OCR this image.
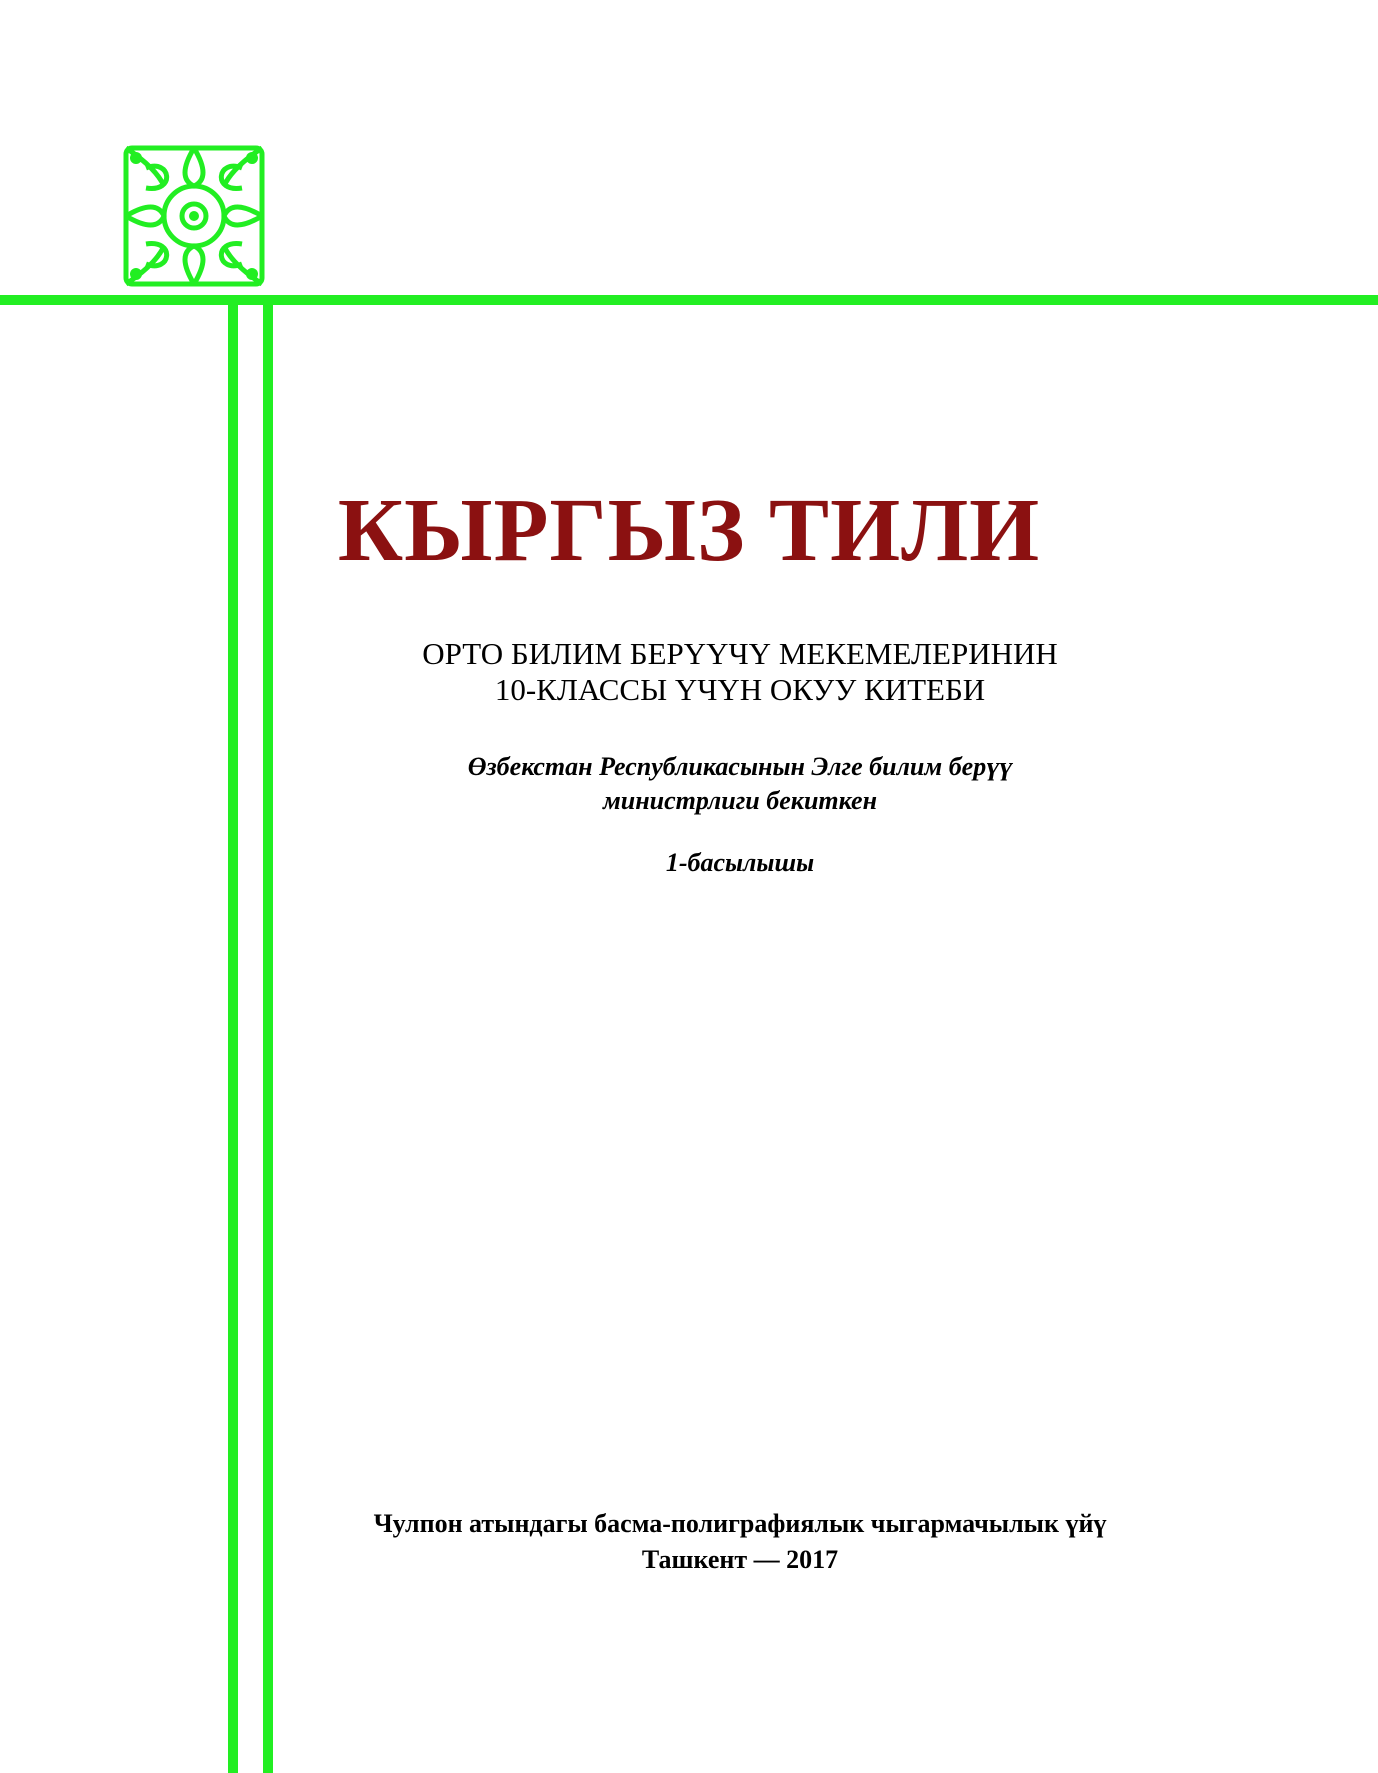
КЫРГЫЗ ТИЛИ
ОРТО БИЛИМ БЕРҮҮЧҮ МЕКЕМЕЛЕРИНИН
10-КЛАССЫ ҮЧҮН ОКУУ КИТЕБИ
Өзбекстан Республикасынын Элге билим берүү
министрлиги бекиткен
1-басылышы
Чулпон атындагы басма-полиграфиялык чыгармачылык үйү
Ташкент — 2017
